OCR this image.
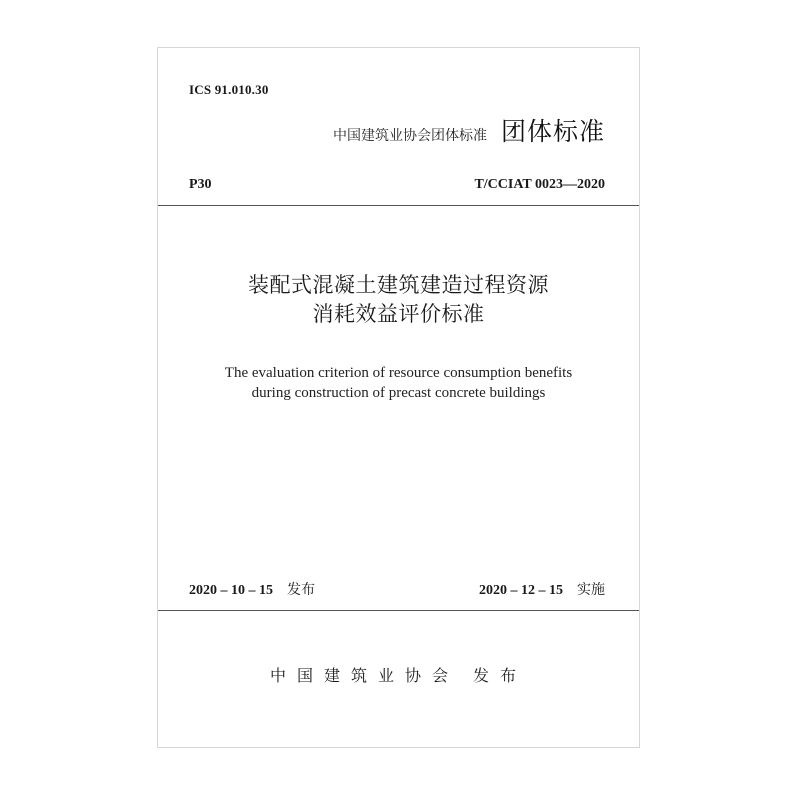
ICS 91.010.30
中国建筑业协会团体标准 团体标准
P30	T/CCIAT 0023—2020
装配式混凝土建筑建造过程资源
消耗效益评价标准
The evaluation criterion of resource consumption benefits
during construction of precast concrete buildings
2020 – 10 – 15 发布	2020 – 12 – 15 实施
中国建筑业协会 发布
